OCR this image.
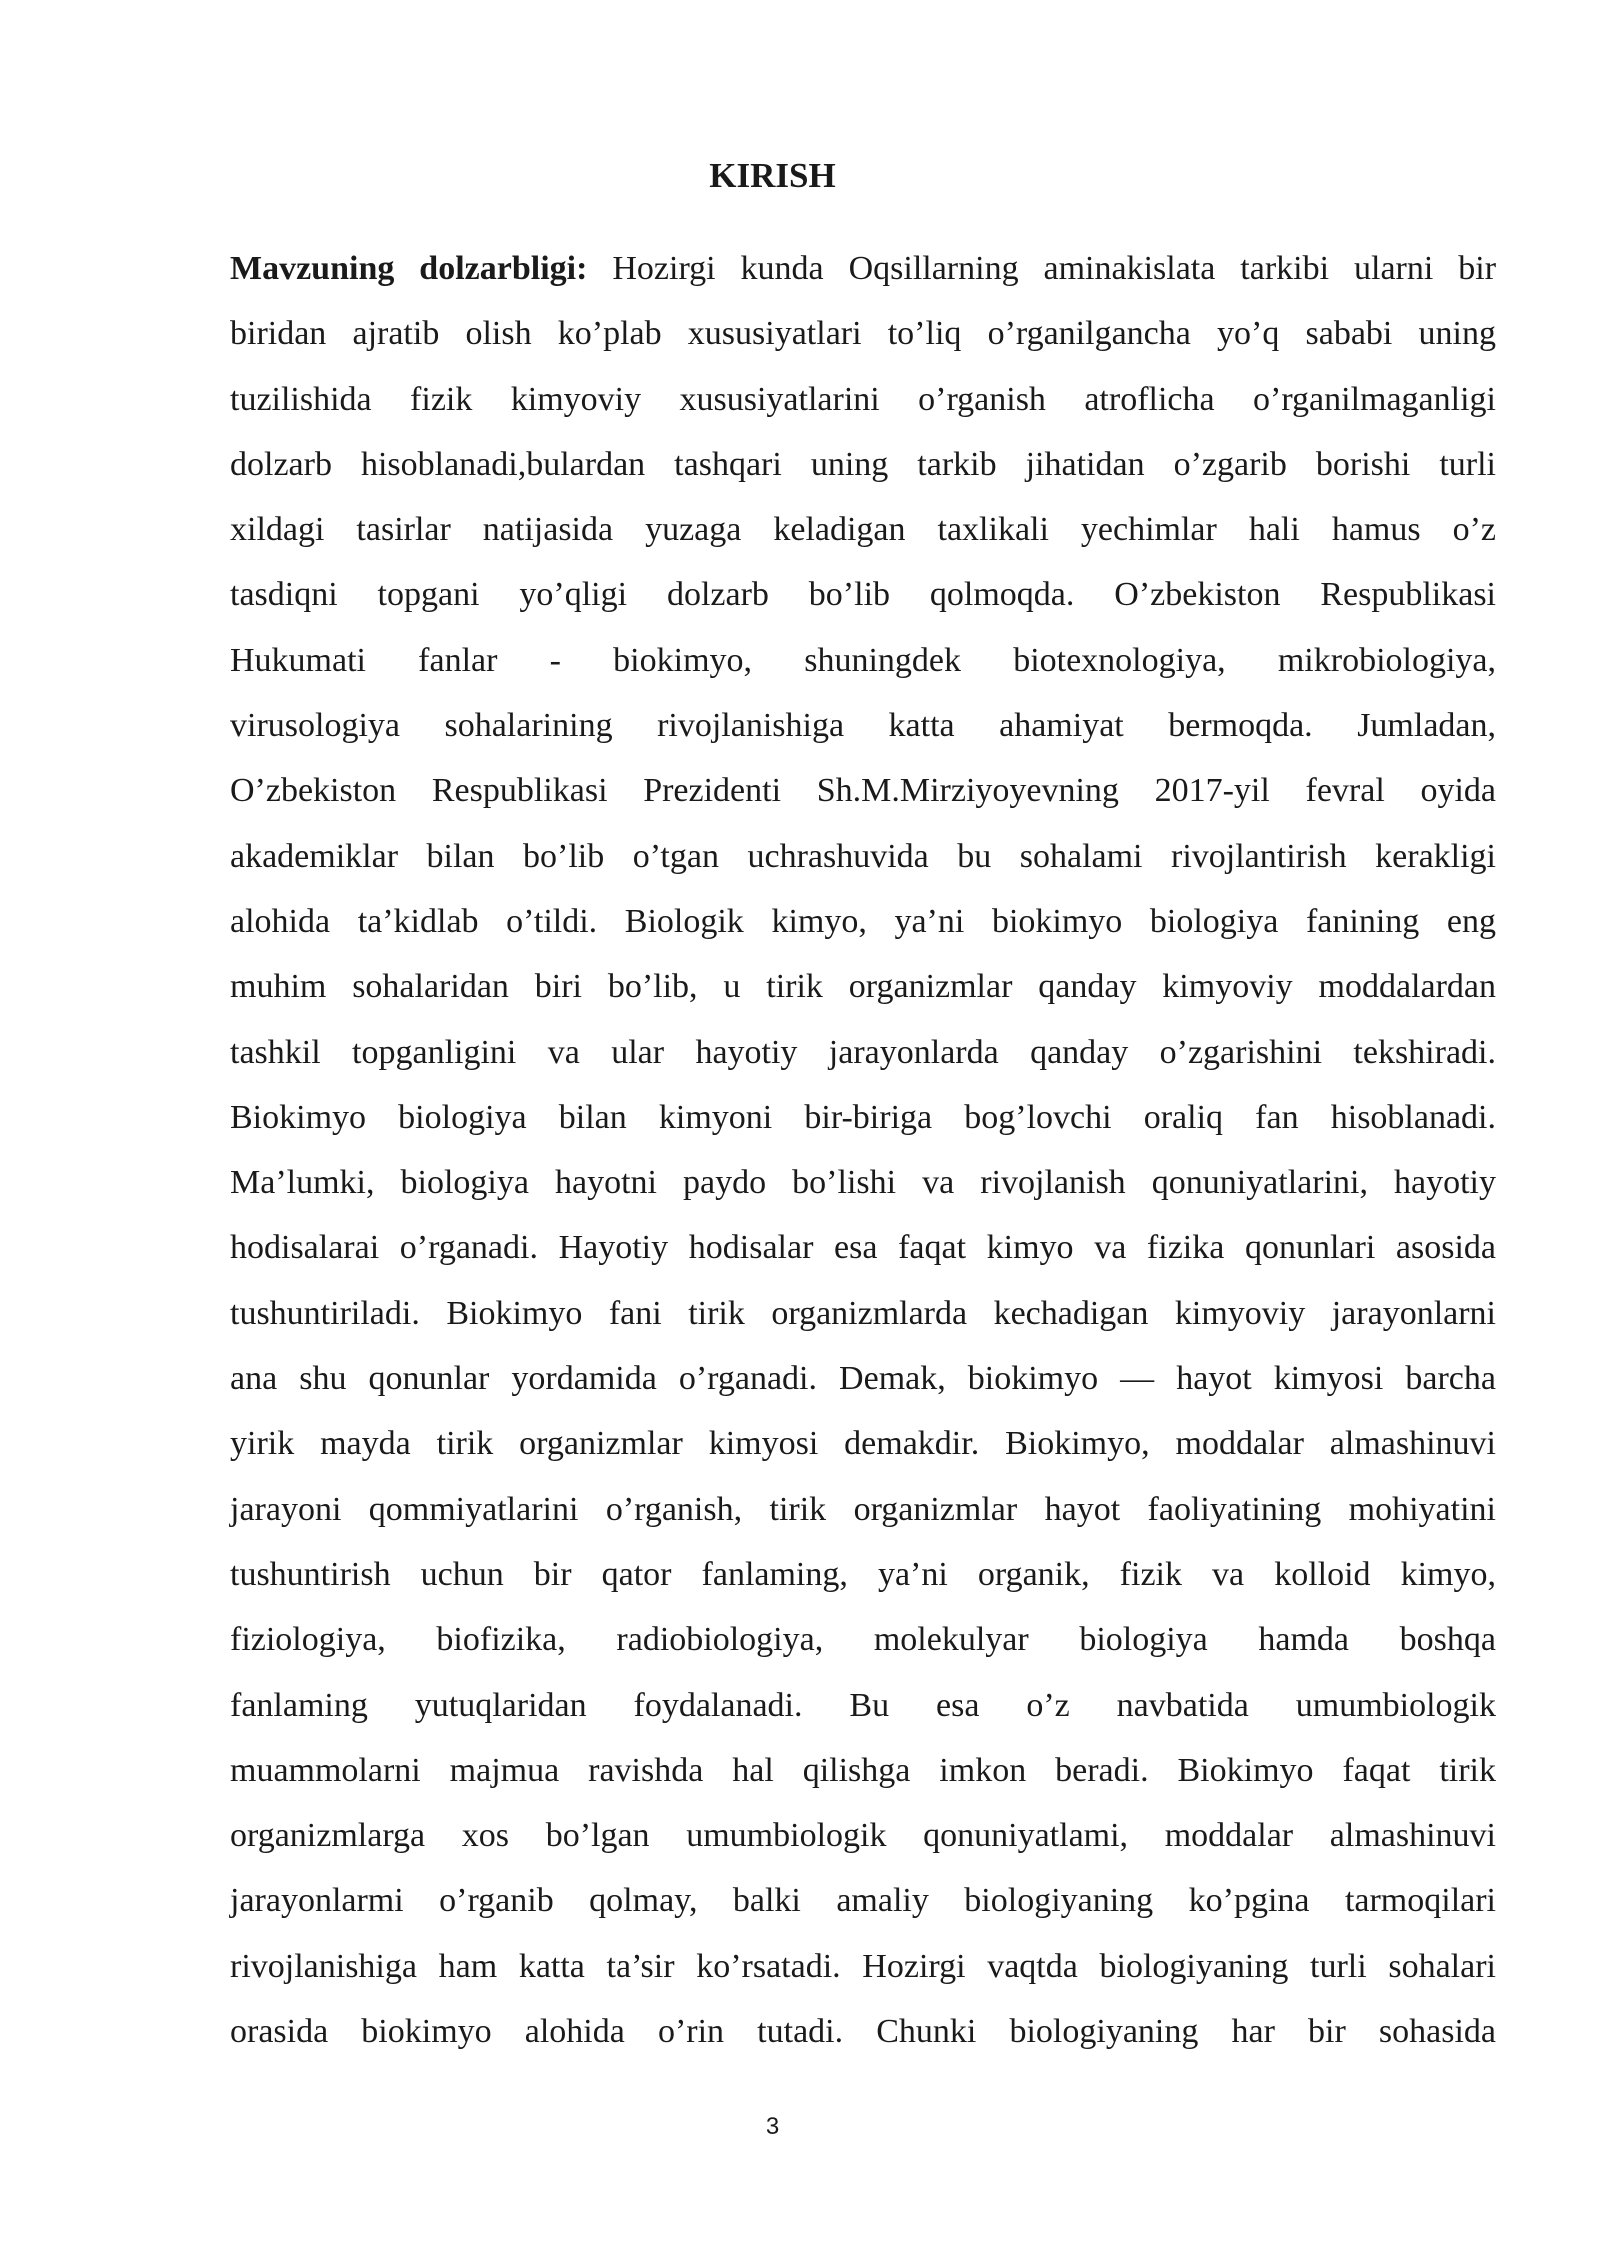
KIRISH
Mavzuning dolzarbligi: Hozirgi kunda Oqsillarning aminakislata tarkibi ularni bir
biridan ajratib olish ko’plab xususiyatlari to’liq o’rganilgancha yo’q sababi uning
tuzilishida fizik kimyoviy xususiyatlarini o’rganish atroflicha o’rganilmaganligi
dolzarb hisoblanadi,bulardan tashqari uning tarkib jihatidan o’zgarib borishi turli
xildagi tasirlar natijasida yuzaga keladigan taxlikali yechimlar hali hamus o’z
tasdiqni topgani yo’qligi dolzarb bo’lib qolmoqda. O’zbekiston Respublikasi
Hukumati fanlar - biokimyo, shuningdek biotexnologiya, mikrobiologiya,
virusologiya sohalarining rivojlanishiga katta ahamiyat bermoqda. Jumladan,
O’zbekiston Respublikasi Prezidenti Sh.M.Mirziyoyevning 2017-yil fevral oyida
akademiklar bilan bo’lib o’tgan uchrashuvida bu sohalami rivojlantirish kerakligi
alohida ta’kidlab o’tildi. Biologik kimyo, ya’ni biokimyo biologiya fanining eng
muhim sohalaridan biri bo’lib, u tirik organizmlar qanday kimyoviy moddalardan
tashkil topganligini va ular hayotiy jarayonlarda qanday o’zgarishini tekshiradi.
Biokimyo biologiya bilan kimyoni bir-biriga bog’lovchi oraliq fan hisoblanadi.
Ma’lumki, biologiya hayotni paydo bo’lishi va rivojlanish qonuniyatlarini, hayotiy
hodisalarai o’rganadi. Hayotiy hodisalar esa faqat kimyo va fizika qonunlari asosida
tushuntiriladi. Biokimyo fani tirik organizmlarda kechadigan kimyoviy jarayonlarni
ana shu qonunlar yordamida o’rganadi. Demak, biokimyo — hayot kimyosi barcha
yirik mayda tirik organizmlar kimyosi demakdir. Biokimyo, moddalar almashinuvi
jarayoni qommiyatlarini o’rganish, tirik organizmlar hayot faoliyatining mohiyatini
tushuntirish uchun bir qator fanlaming, ya’ni organik, fizik va kolloid kimyo,
fiziologiya, biofizika, radiobiologiya, molekulyar biologiya hamda boshqa
fanlaming yutuqlaridan foydalanadi. Bu esa o’z navbatida umumbiologik
muammolarni majmua ravishda hal qilishga imkon beradi. Biokimyo faqat tirik
organizmlarga xos bo’lgan umumbiologik qonuniyatlami, moddalar almashinuvi
jarayonlarmi o’rganib qolmay, balki amaliy biologiyaning ko’pgina tarmoqilari
rivojlanishiga ham katta ta’sir ko’rsatadi. Hozirgi vaqtda biologiyaning turli sohalari
orasida biokimyo alohida o’rin tutadi. Chunki biologiyaning har bir sohasida
3
